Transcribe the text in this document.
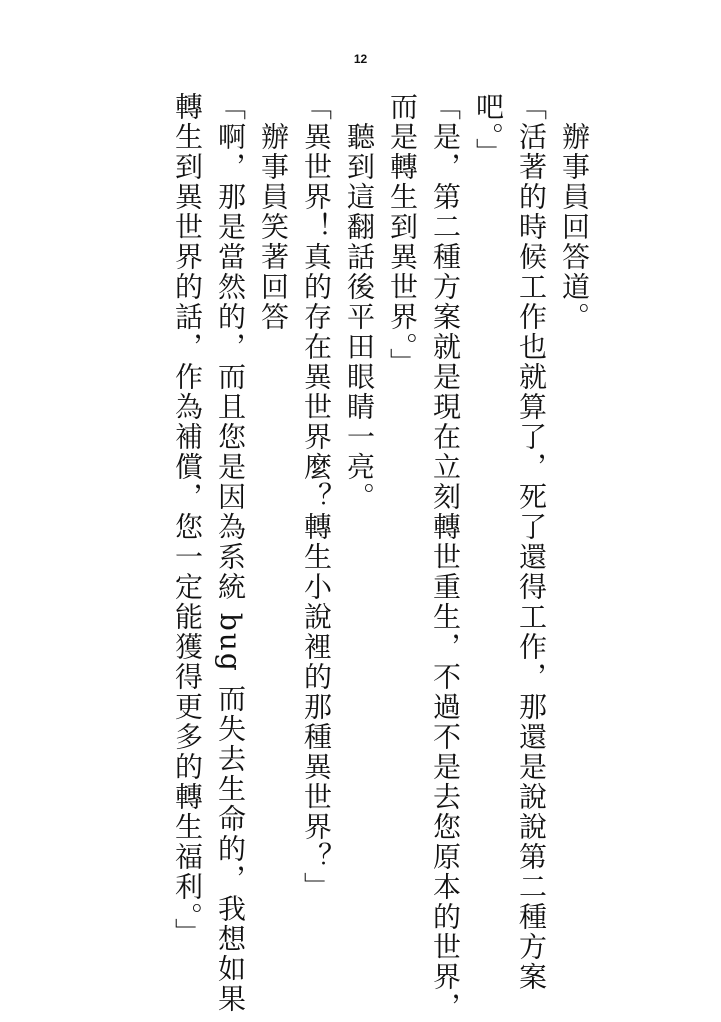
12
　辦事員回答道。
「活著的時候工作也就算了，死了還得工作，那還是說說第二種方案
吧。」
「是，第二種方案就是現在立刻轉世重生，不過不是去您原本的世界，
而是轉生到異世界。」
　聽到這翻話後平田眼睛一亮。
「異世界！真的存在異世界麼？轉生小說裡的那種異世界？」
　辦事員笑著回答
「啊，那是當然的，而且您是因為系統 bug 而失去生命的，我想如果
轉生到異世界的話，作為補償，您一定能獲得更多的轉生福利。」
